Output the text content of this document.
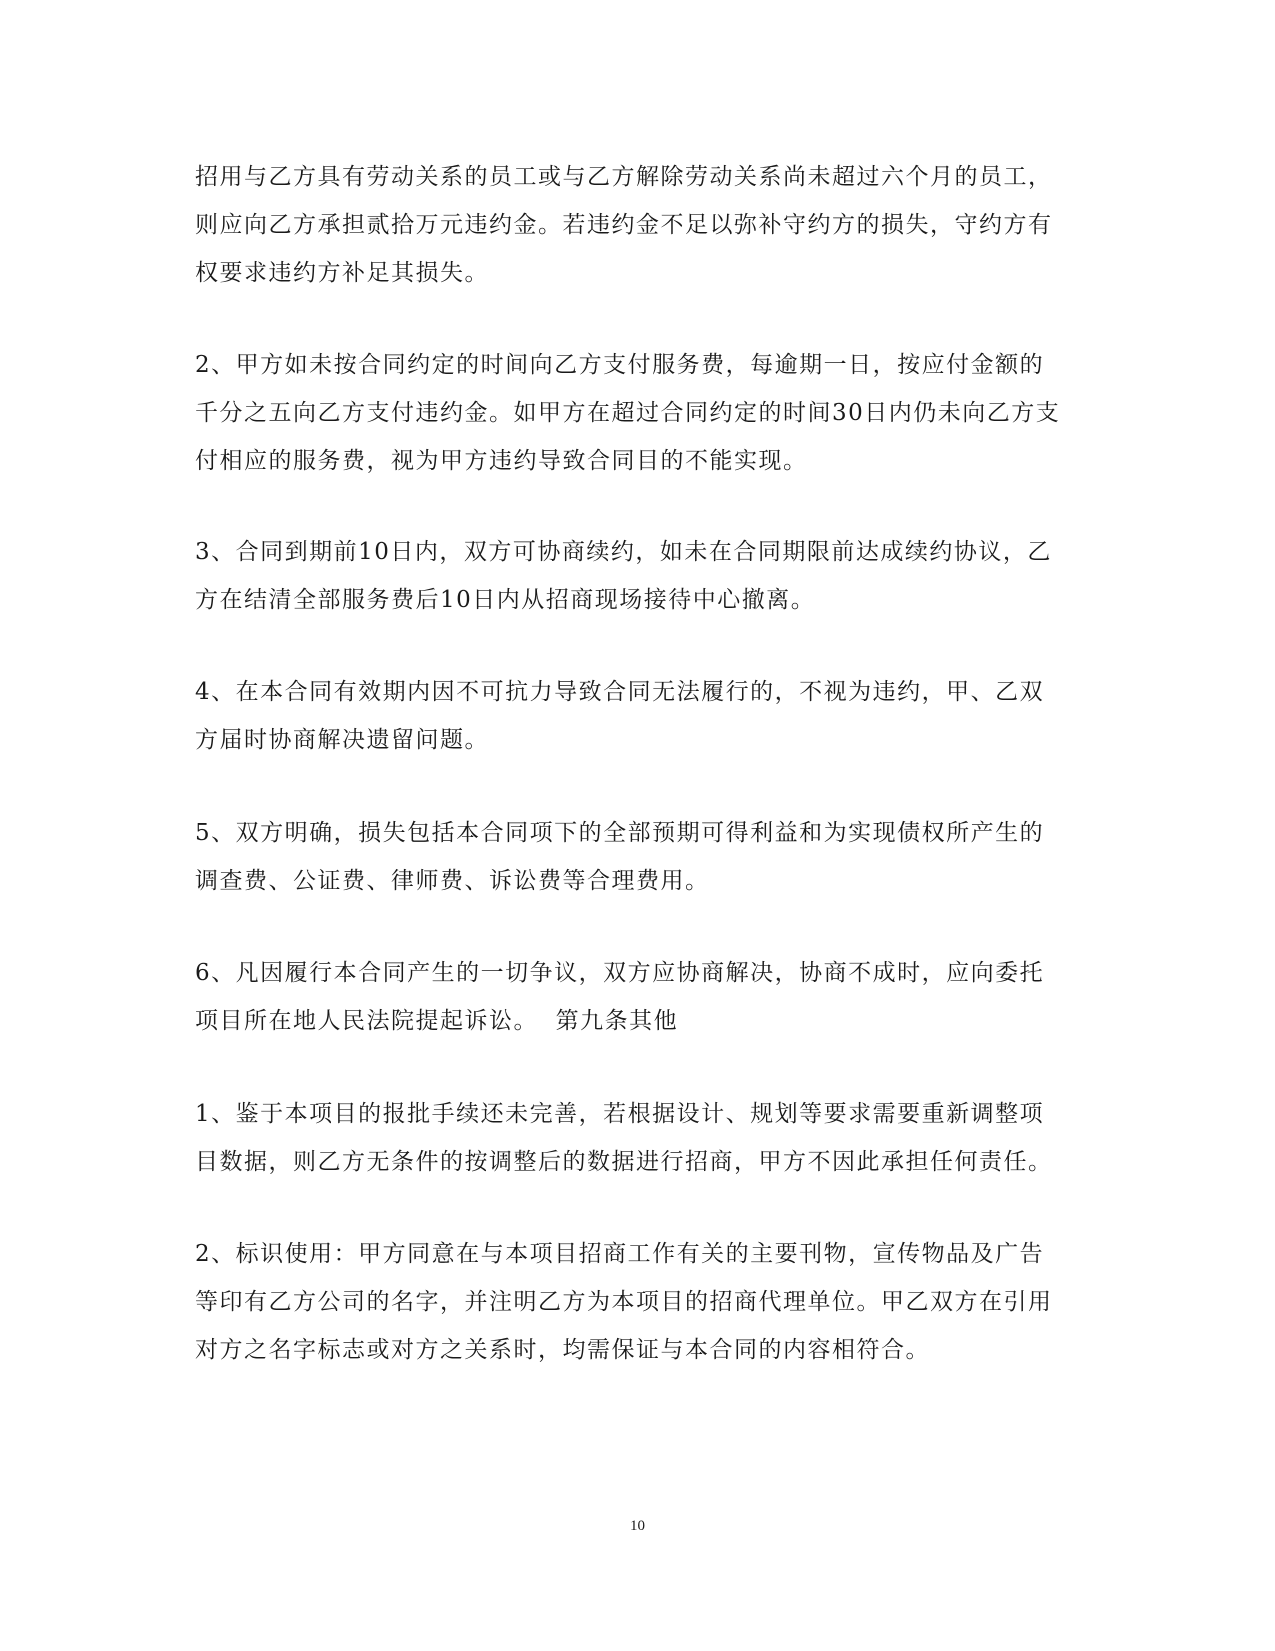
招用与乙方具有劳动关系的员工或与乙方解除劳动关系尚未超过六个月的员工，
则应向乙方承担贰拾万元违约金。若违约金不足以弥补守约方的损失，守约方有
权要求违约方补足其损失。
2、甲方如未按合同约定的时间向乙方支付服务费，每逾期一日，按应付金额的
千分之五向乙方支付违约金。如甲方在超过合同约定的时间30日内仍未向乙方支
付相应的服务费，视为甲方违约导致合同目的不能实现。
3、合同到期前10日内，双方可协商续约，如未在合同期限前达成续约协议，乙
方在结清全部服务费后10日内从招商现场接待中心撤离。
4、在本合同有效期内因不可抗力导致合同无法履行的，不视为违约，甲、乙双
方届时协商解决遗留问题。
5、双方明确，损失包括本合同项下的全部预期可得利益和为实现债权所产生的
调查费、公证费、律师费、诉讼费等合理费用。
6、凡因履行本合同产生的一切争议，双方应协商解决，协商不成时，应向委托
项目所在地人民法院提起诉讼。  第九条其他
1、鉴于本项目的报批手续还未完善，若根据设计、规划等要求需要重新调整项
目数据，则乙方无条件的按调整后的数据进行招商，甲方不因此承担任何责任。
2、标识使用：甲方同意在与本项目招商工作有关的主要刊物，宣传物品及广告
等印有乙方公司的名字，并注明乙方为本项目的招商代理单位。甲乙双方在引用
对方之名字标志或对方之关系时，均需保证与本合同的内容相符合。
10
